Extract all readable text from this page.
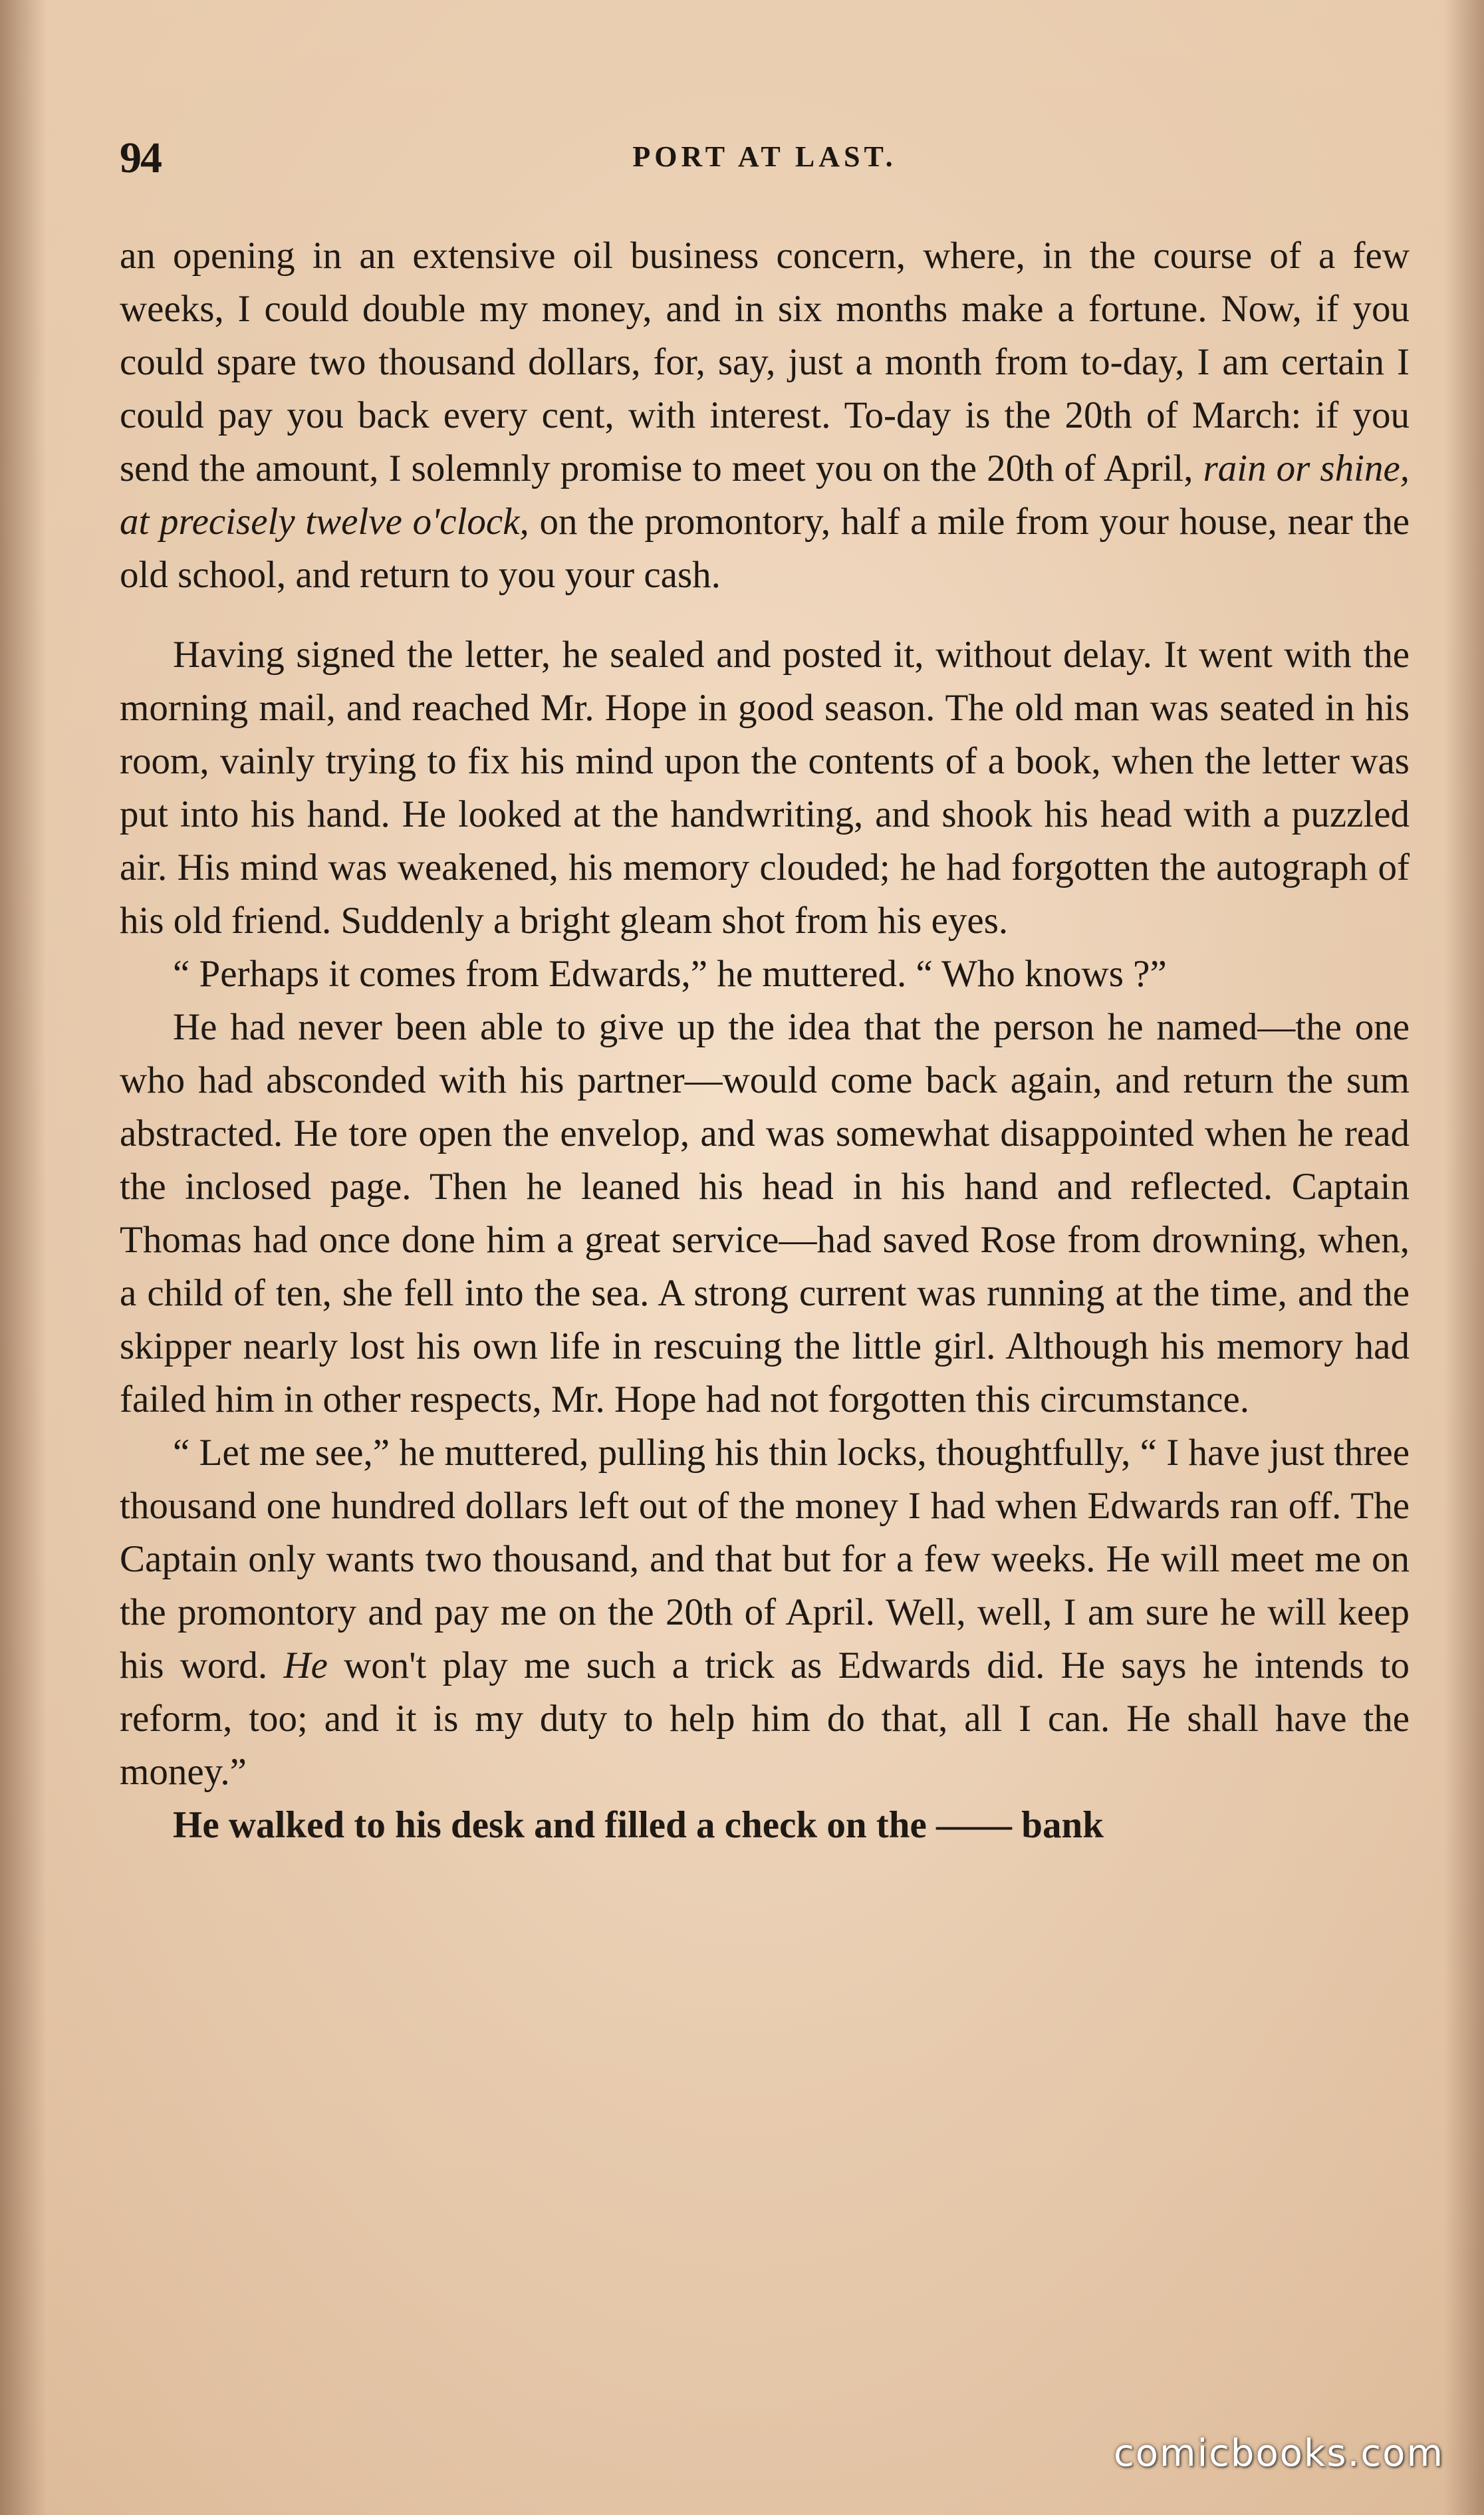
94	PORT AT LAST.

an opening in an extensive oil business concern, where, in the course of a few weeks, I could double my money, and in six months make a fortune. Now, if you could spare two thousand dollars, for, say, just a month from to-day, I am certain I could pay you back every cent, with interest. To-day is the 20th of March: if you send the amount, I solemnly promise to meet you on the 20th of April, rain or shine, at precisely twelve o'clock, on the promontory, half a mile from your house, near the old school, and return to you your cash.

Having signed the letter, he sealed and posted it, without delay. It went with the morning mail, and reached Mr. Hope in good season. The old man was seated in his room, vainly trying to fix his mind upon the contents of a book, when the letter was put into his hand. He looked at the handwriting, and shook his head with a puzzled air. His mind was weakened, his memory clouded; he had forgotten the autograph of his old friend. Suddenly a bright gleam shot from his eyes.

“ Perhaps it comes from Edwards,” he muttered. “ Who knows ?”

He had never been able to give up the idea that the person he named—the one who had absconded with his partner—would come back again, and return the sum abstracted. He tore open the envelop, and was somewhat disappointed when he read the inclosed page. Then he leaned his head in his hand and reflected. Captain Thomas had once done him a great service—had saved Rose from drowning, when, a child of ten, she fell into the sea. A strong current was running at the time, and the skipper nearly lost his own life in rescuing the little girl. Although his memory had failed him in other respects, Mr. Hope had not forgotten this circumstance.

“ Let me see,” he muttered, pulling his thin locks, thoughtfully, “ I have just three thousand one hundred dollars left out of the money I had when Edwards ran off. The Captain only wants two thousand, and that but for a few weeks. He will meet me on the promontory and pay me on the 20th of April. Well, well, I am sure he will keep his word. He won't play me such a trick as Edwards did. He says he intends to reform, too; and it is my duty to help him do that, all I can. He shall have the money.”

He walked to his desk and filled a check on the —— bank

comicbooks.com
